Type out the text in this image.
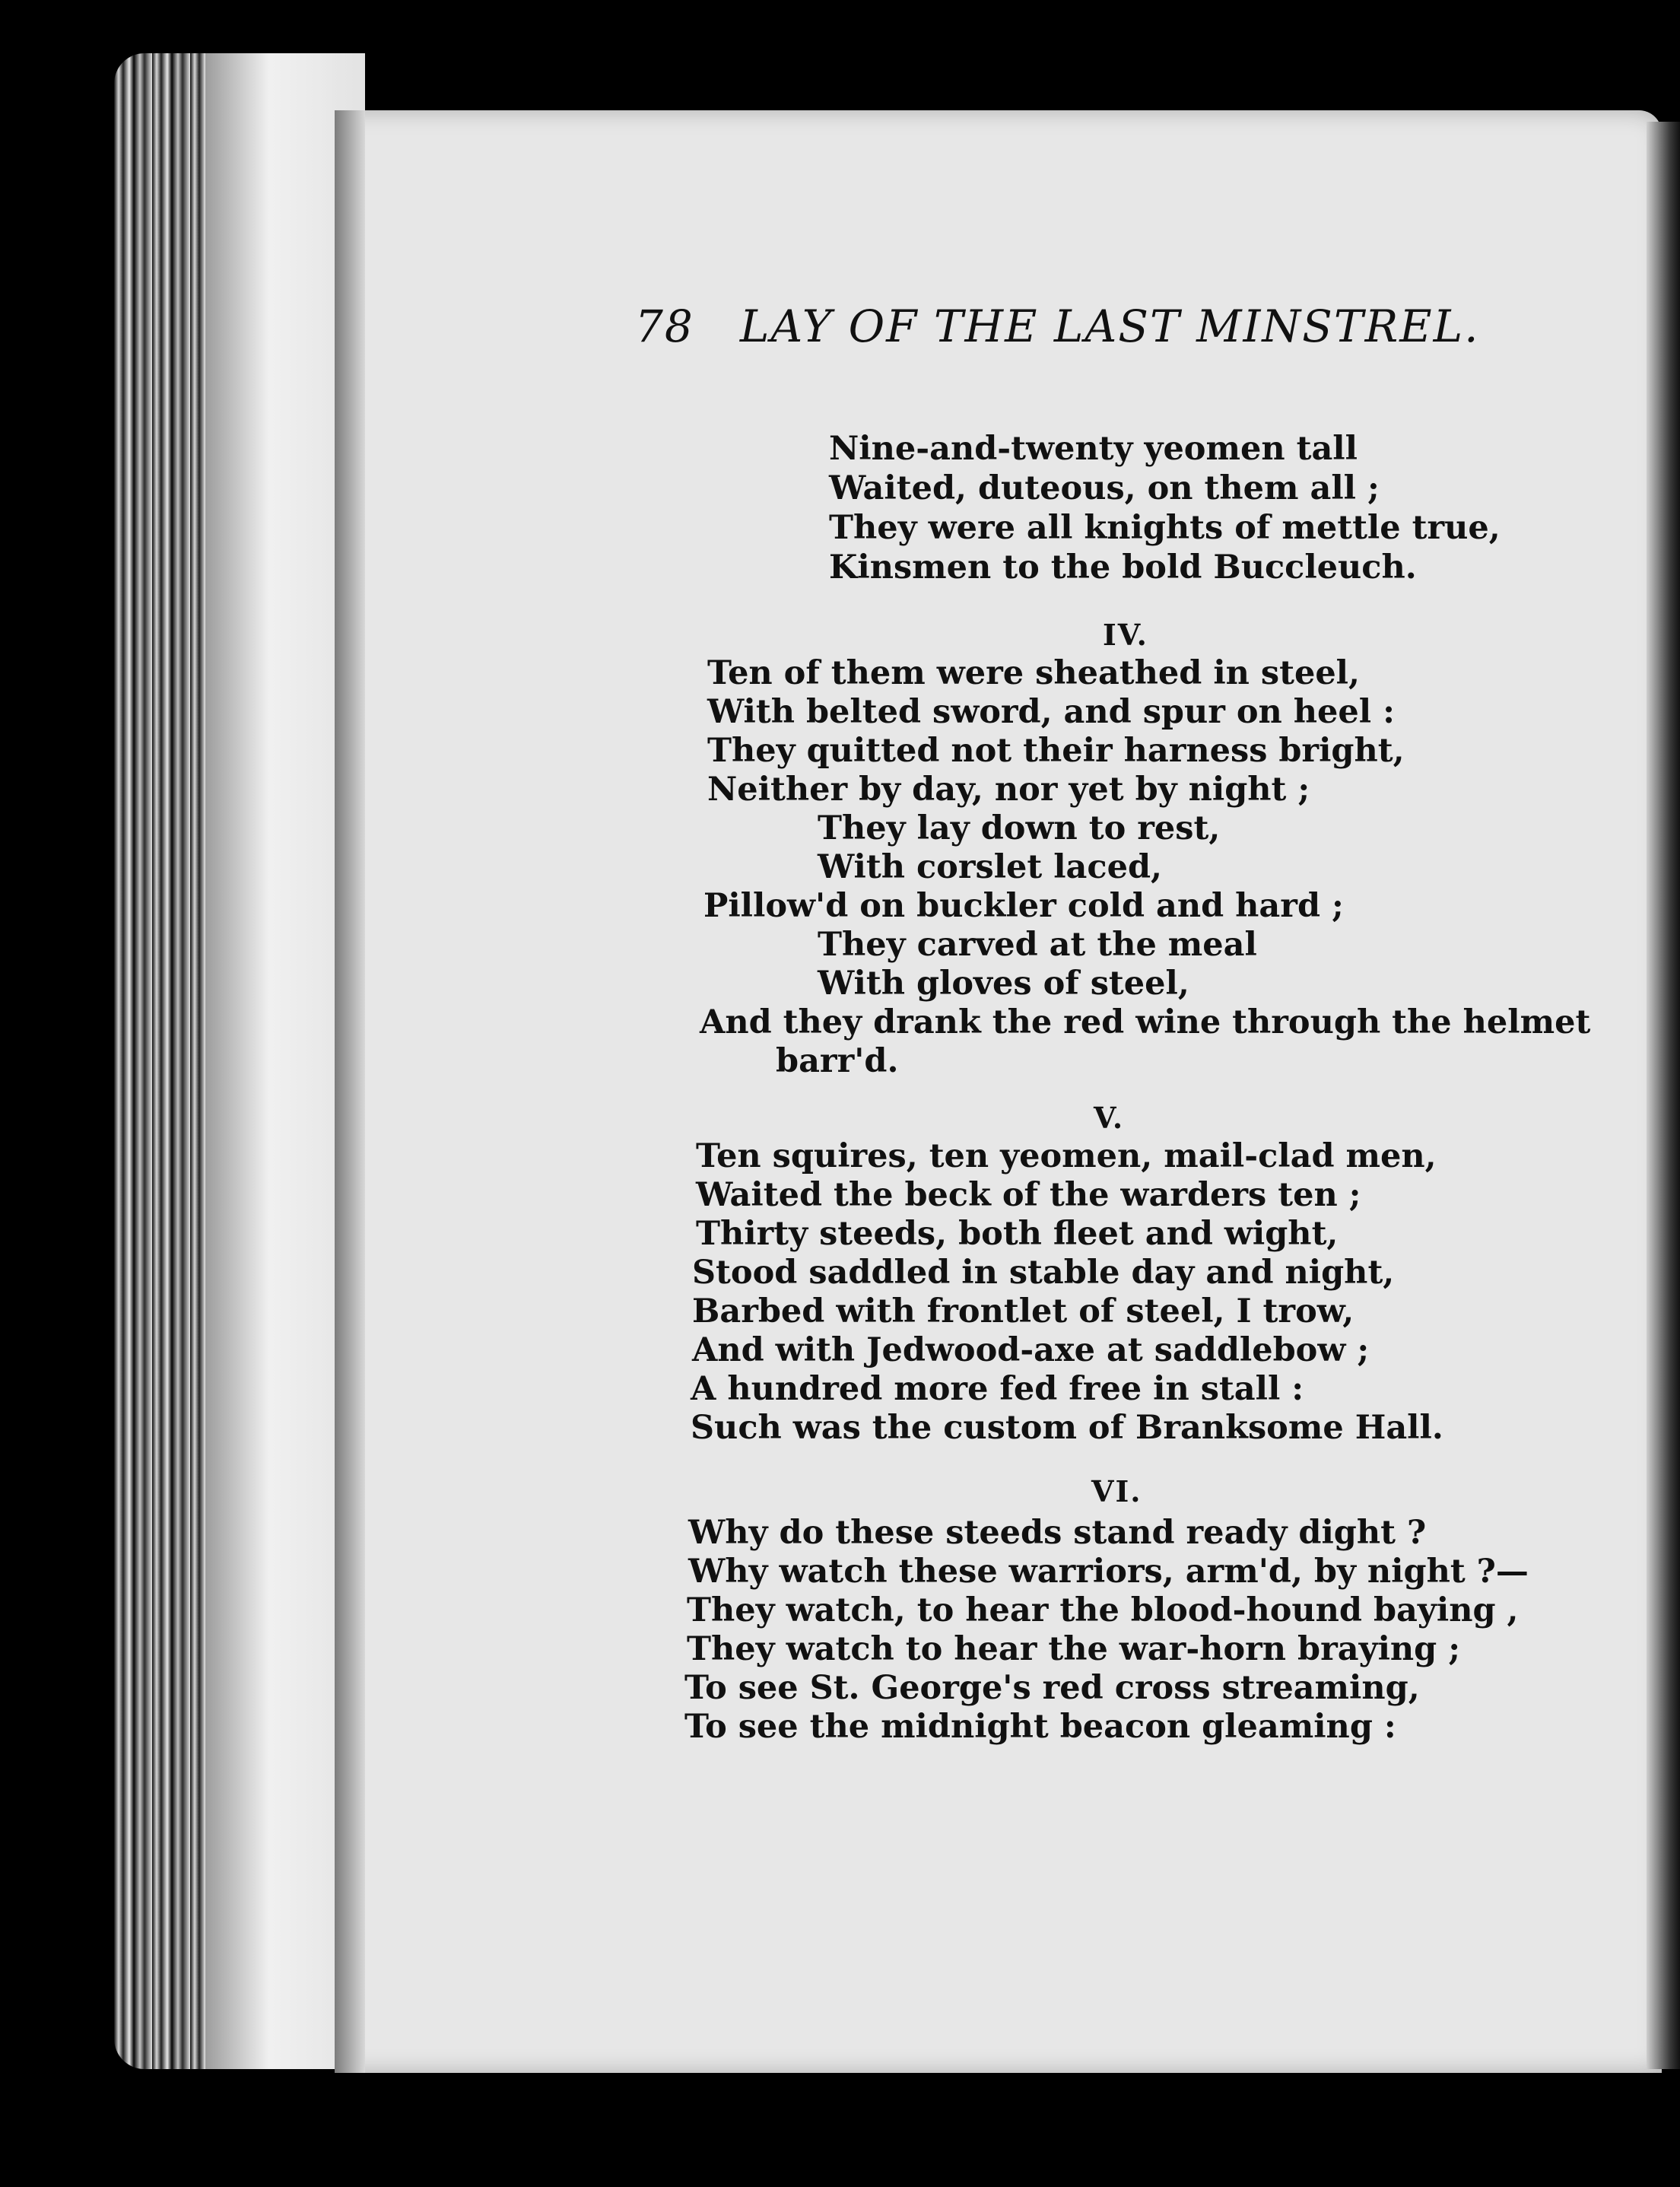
78 LAY OF THE LAST MINSTREL.
Nine-and-twenty yeomen tall
Waited, duteous, on them all ;
They were all knights of mettle true,
Kinsmen to the bold Buccleuch.
IV.
Ten of them were sheathed in steel,
With belted sword, and spur on heel :
They quitted not their harness bright,
Neither by day, nor yet by night ;
They lay down to rest,
With corslet laced,
Pillow'd on buckler cold and hard ;
They carved at the meal
With gloves of steel,
And they drank the red wine through the helmet
barr'd.
V.
Ten squires, ten yeomen, mail-clad men,
Waited the beck of the warders ten ;
Thirty steeds, both fleet and wight,
Stood saddled in stable day and night,
Barbed with frontlet of steel, I trow,
And with Jedwood-axe at saddlebow ;
A hundred more fed free in stall :
Such was the custom of Branksome Hall.
VI.
Why do these steeds stand ready dight ?
Why watch these warriors, arm'd, by night ?—
They watch, to hear the blood-hound baying ,
They watch to hear the war-horn braying ;
To see St. George's red cross streaming,
To see the midnight beacon gleaming :
